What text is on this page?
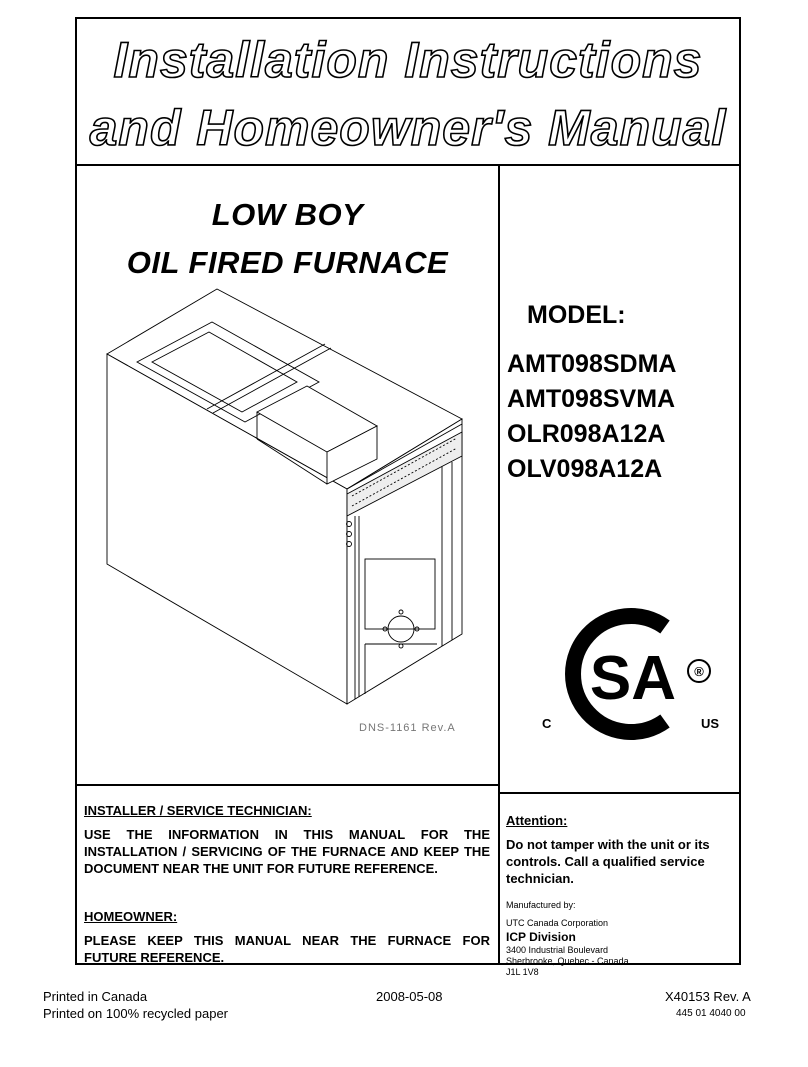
Installation Instructions
and Homeowner's Manual
LOW BOY
OIL FIRED FURNACE
DNS-1161 Rev.A
MODEL:
AMT098SDMA
AMT098SVMA
OLR098A12A
OLV098A12A
SA ®
C	US
INSTALLER / SERVICE TECHNICIAN:
USE THE INFORMATION IN THIS MANUAL FOR THE INSTALLATION / SERVICING OF THE FURNACE AND KEEP THE DOCUMENT NEAR THE UNIT FOR FUTURE REFERENCE.
HOMEOWNER:
PLEASE KEEP THIS MANUAL NEAR THE FURNACE FOR FUTURE REFERENCE.
Attention:
Do not tamper with the unit or its controls. Call a qualified service technician.
Manufactured by:
UTC Canada Corporation
ICP Division
3400 Industrial Boulevard
Sherbrooke, Quebec - Canada
J1L 1V8
Printed in Canada
Printed on 100% recycled paper
2008-05-08	X40153 Rev. A
445 01 4040 00
